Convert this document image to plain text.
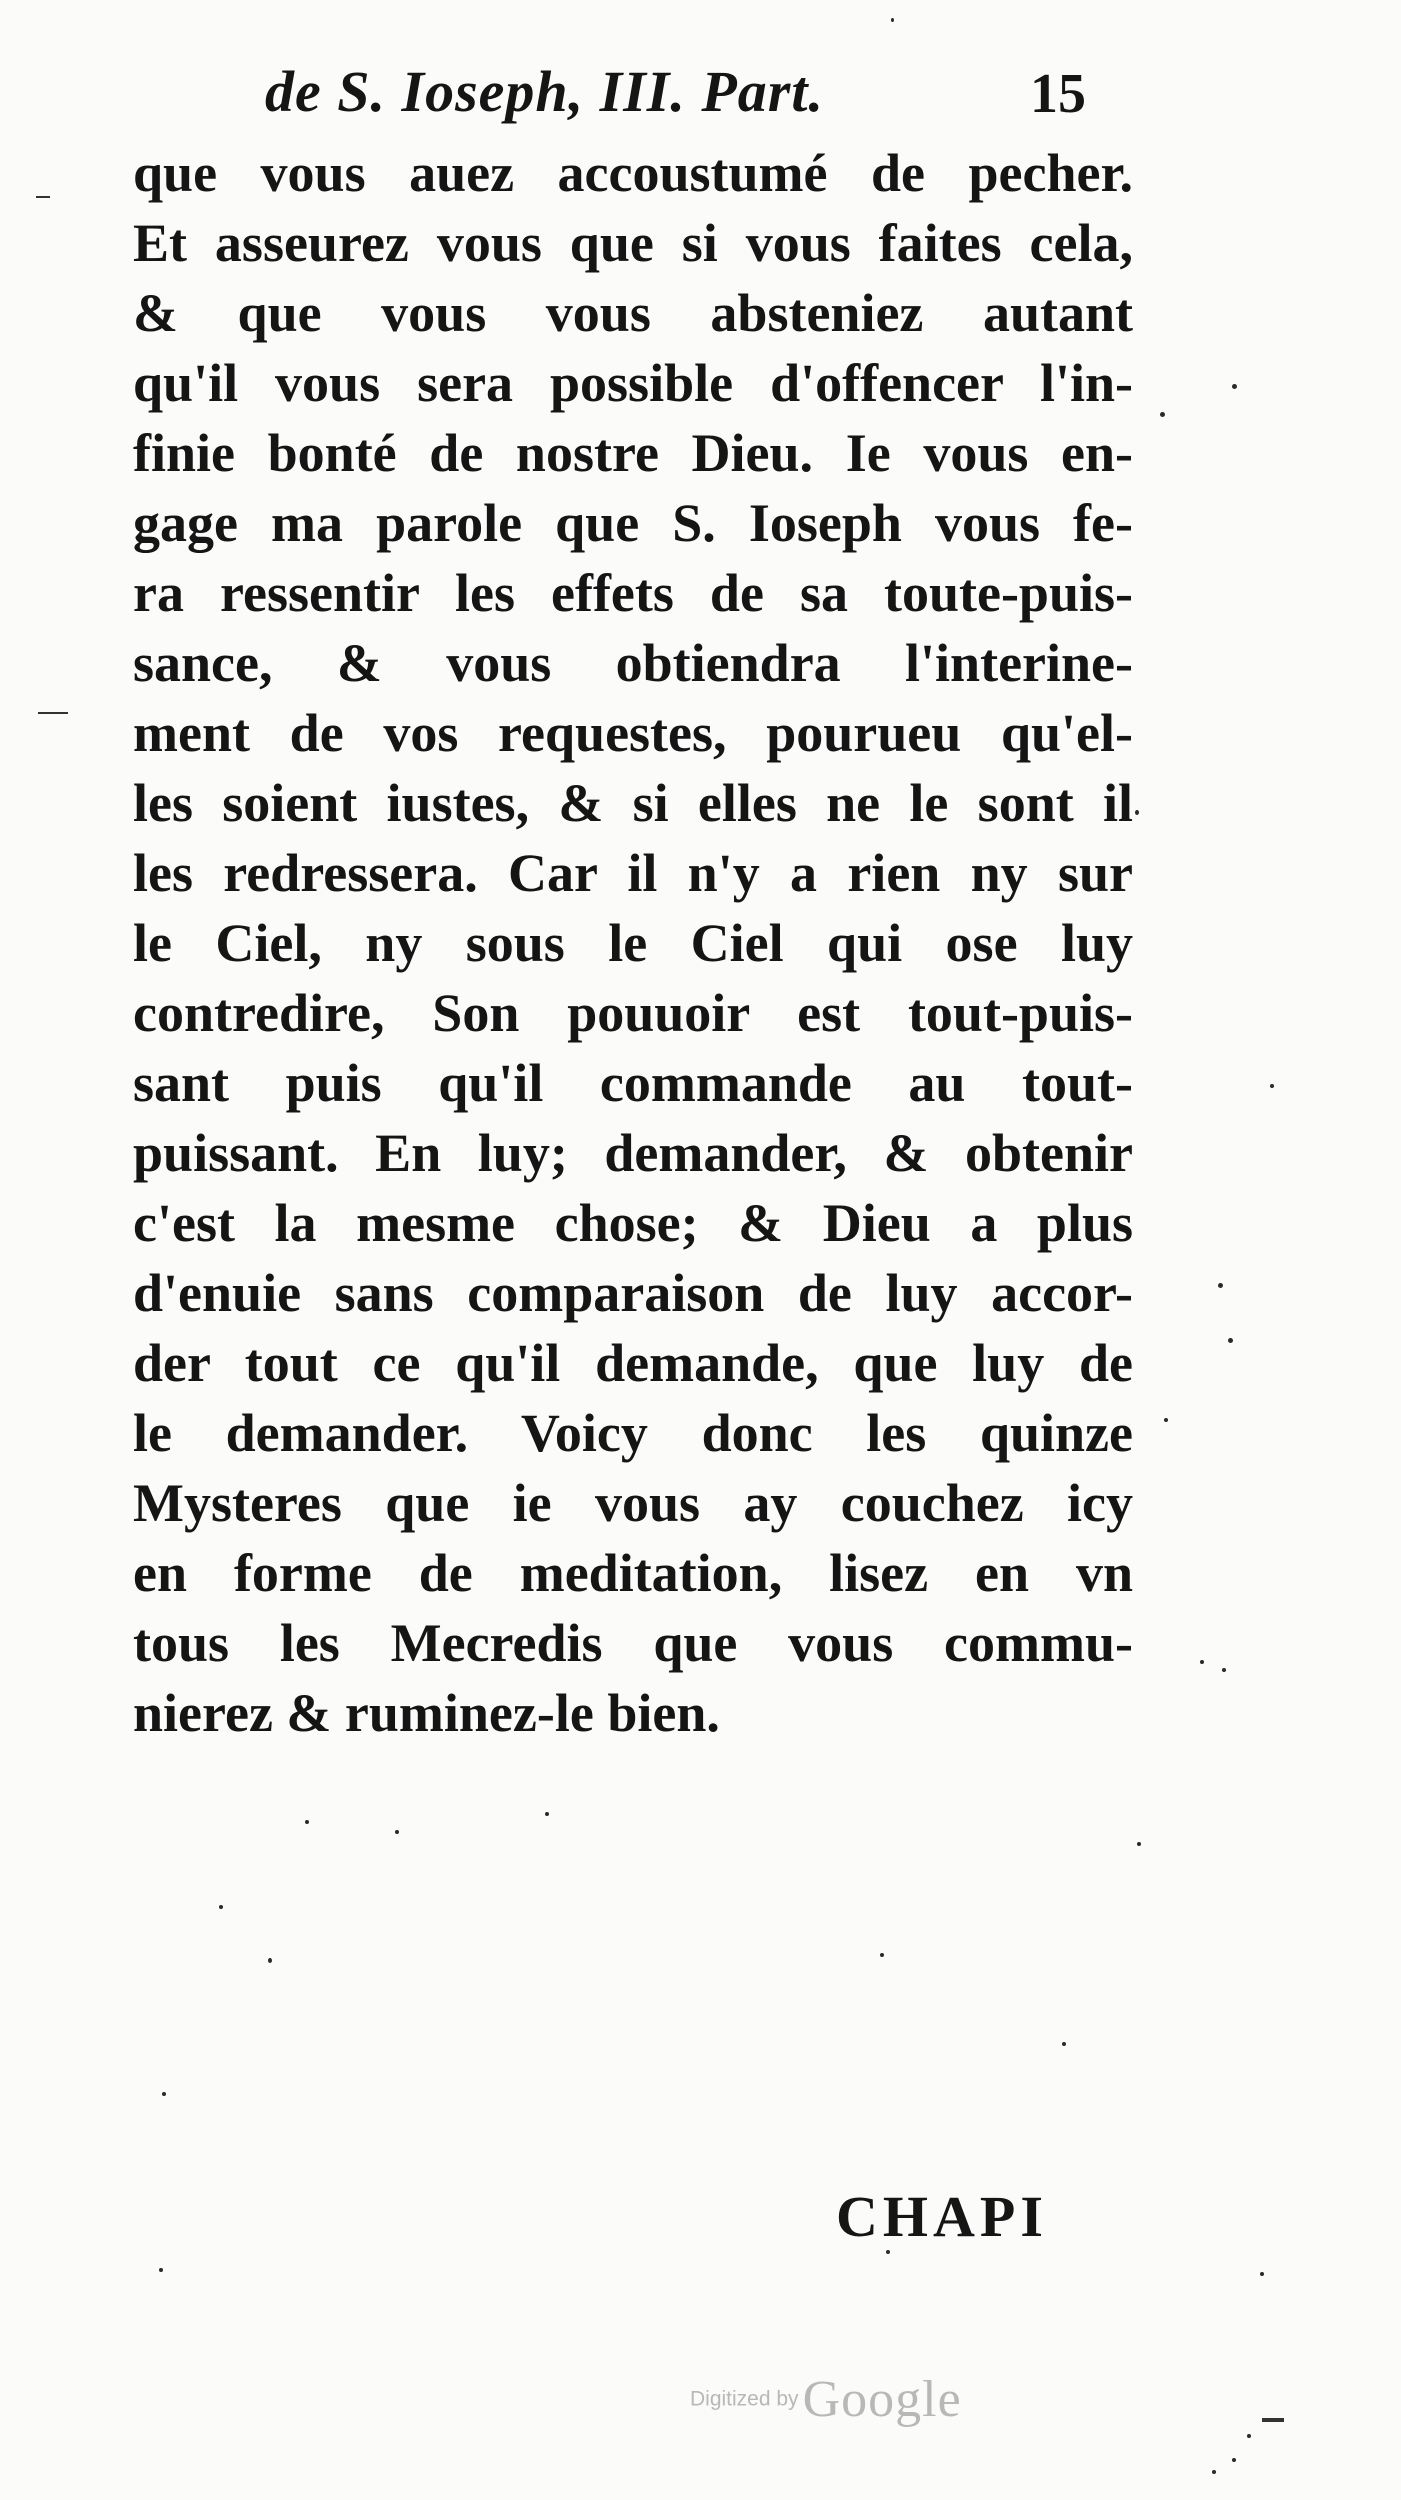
de S. Ioseph, III. Part.	15
que vous auez accoustumé de pecher.
Et asseurez vous que si vous faites cela,
& que vous vous absteniez autant
qu'il vous sera possible d'offencer l'in-
finie bonté de nostre Dieu. Ie vous en-
gage ma parole que S. Ioseph vous fe-
ra ressentir les effets de sa toute-puis-
sance, & vous obtiendra l'interine-
ment de vos requestes, pourueu qu'el-
les soient iustes, & si elles ne le sont il
les redressera. Car il n'y a rien ny sur
le Ciel, ny sous le Ciel qui ose luy
contredire, Son pouuoir est tout-puis-
sant puis qu'il commande au tout-
puissant. En luy; demander, & obtenir
c'est la mesme chose; & Dieu a plus
d'enuie sans comparaison de luy accor-
der tout ce qu'il demande, que luy de
le demander. Voicy donc les quinze
Mysteres que ie vous ay couchez icy
en forme de meditation, lisez en vn
tous les Mecredis que vous commu-
nierez & ruminez-le bien.
CHAPI
Digitized by Google
